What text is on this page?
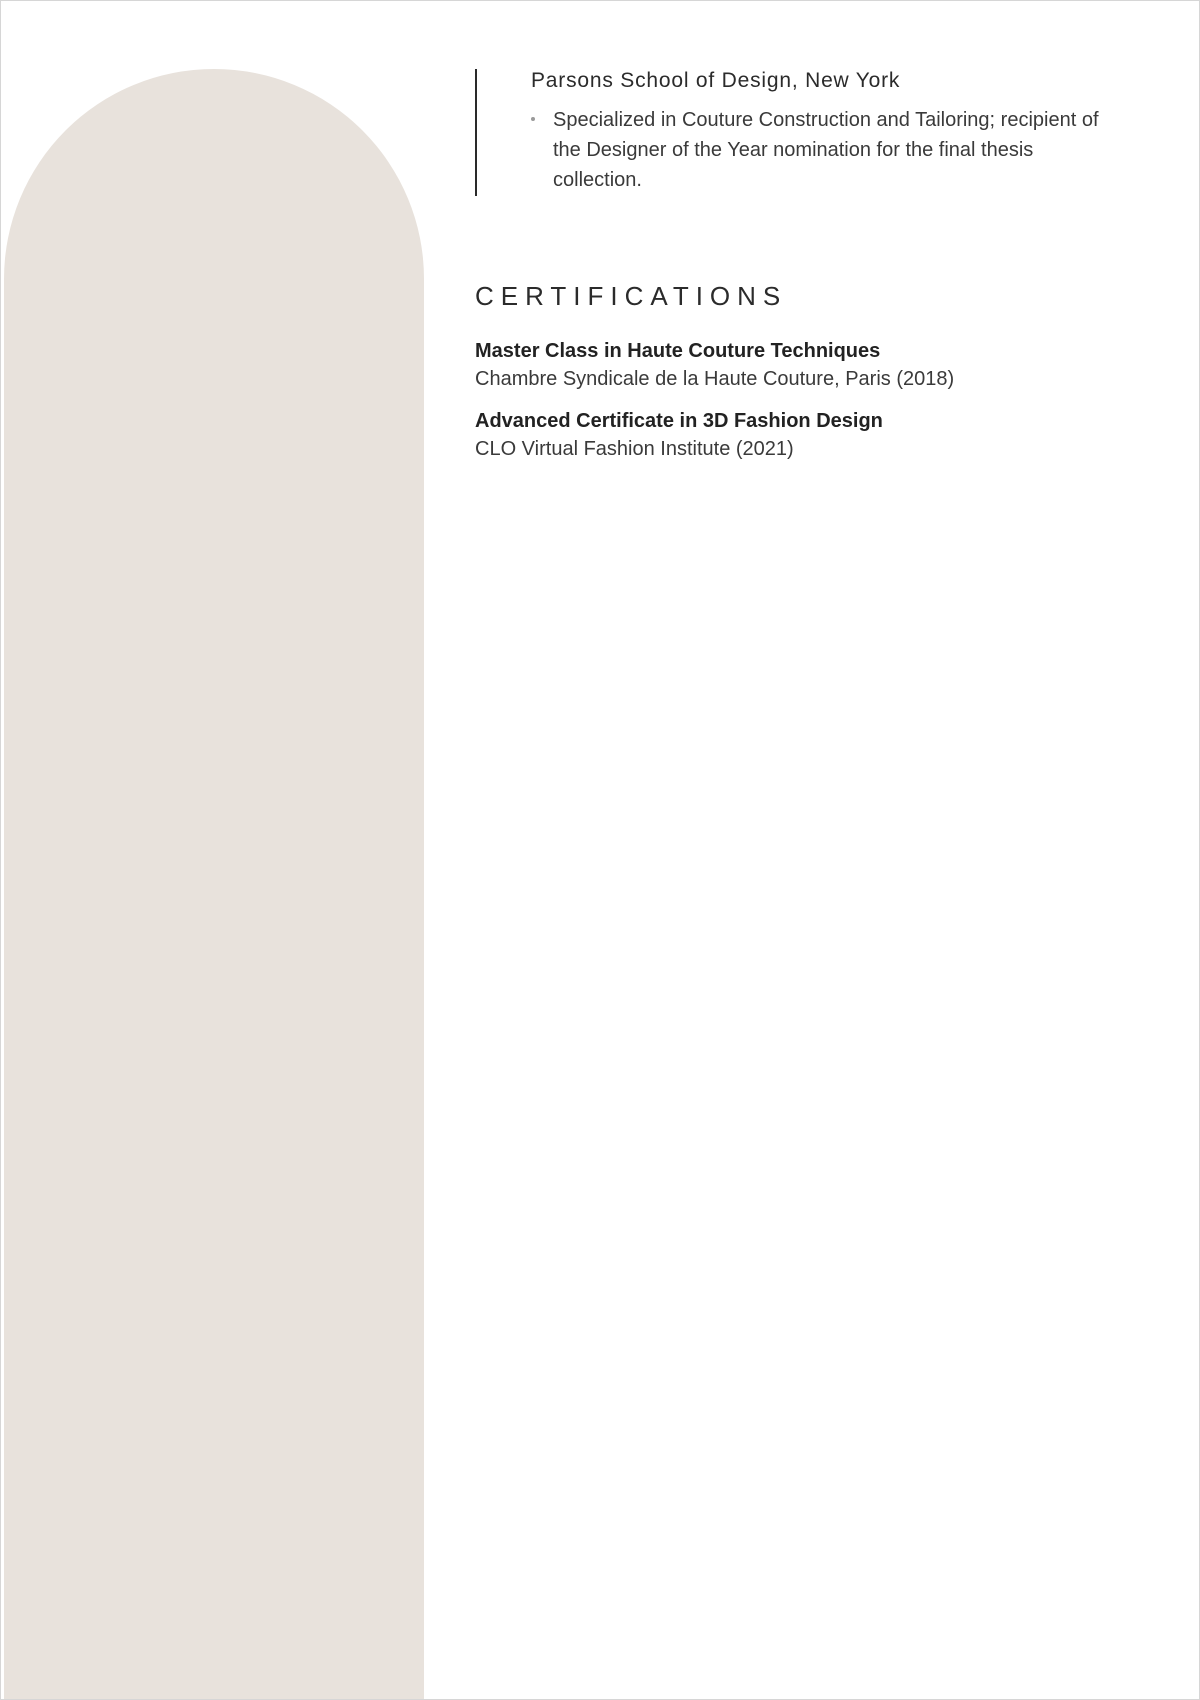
Parsons School of Design, New York
Specialized in Couture Construction and Tailoring; recipient of the Designer of the Year nomination for the final thesis collection.
CERTIFICATIONS
Master Class in Haute Couture Techniques
Chambre Syndicale de la Haute Couture, Paris (2018)
Advanced Certificate in 3D Fashion Design
CLO Virtual Fashion Institute (2021)
